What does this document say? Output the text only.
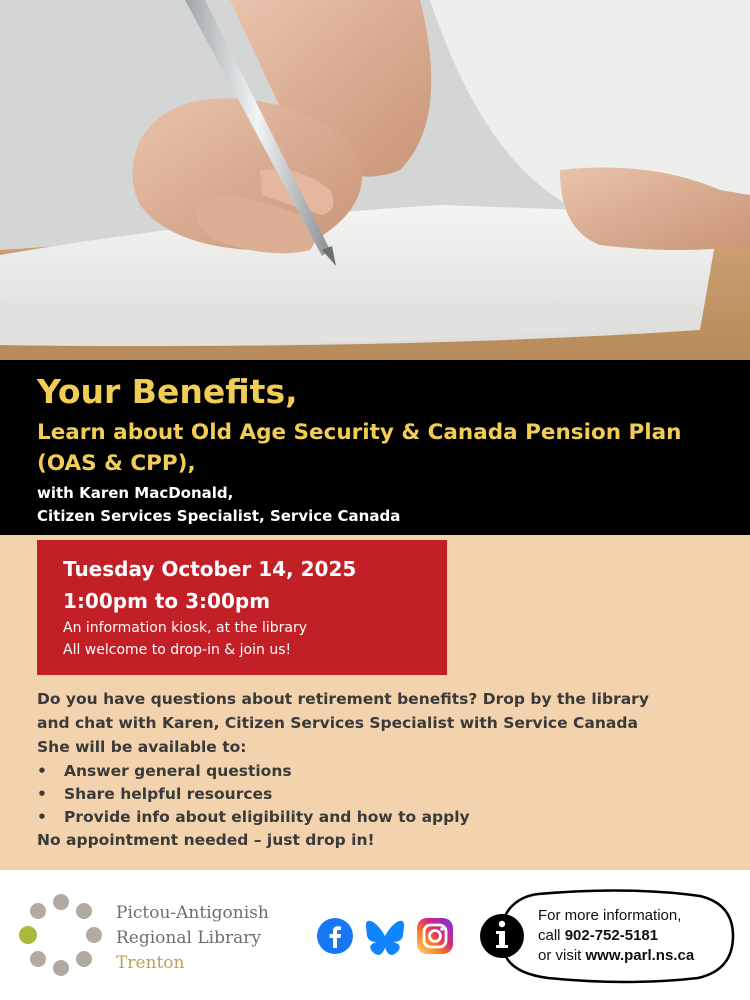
Your Benefits,
Learn about Old Age Security & Canada Pension Plan
(OAS & CPP),
with Karen MacDonald,
Citizen Services Specialist, Service Canada
Tuesday October 14, 2025
1:00pm to 3:00pm
An information kiosk, at the library
All welcome to drop-in & join us!
Do you have questions about retirement benefits? Drop by the library
and chat with Karen, Citizen Services Specialist with Service Canada
She will be available to:
• Answer general questions
• Share helpful resources
• Provide info about eligibility and how to apply
No appointment needed – just drop in!
Pictou-Antigonish
Regional Library
Trenton
For more information,
call 902-752-5181
or visit www.parl.ns.ca
